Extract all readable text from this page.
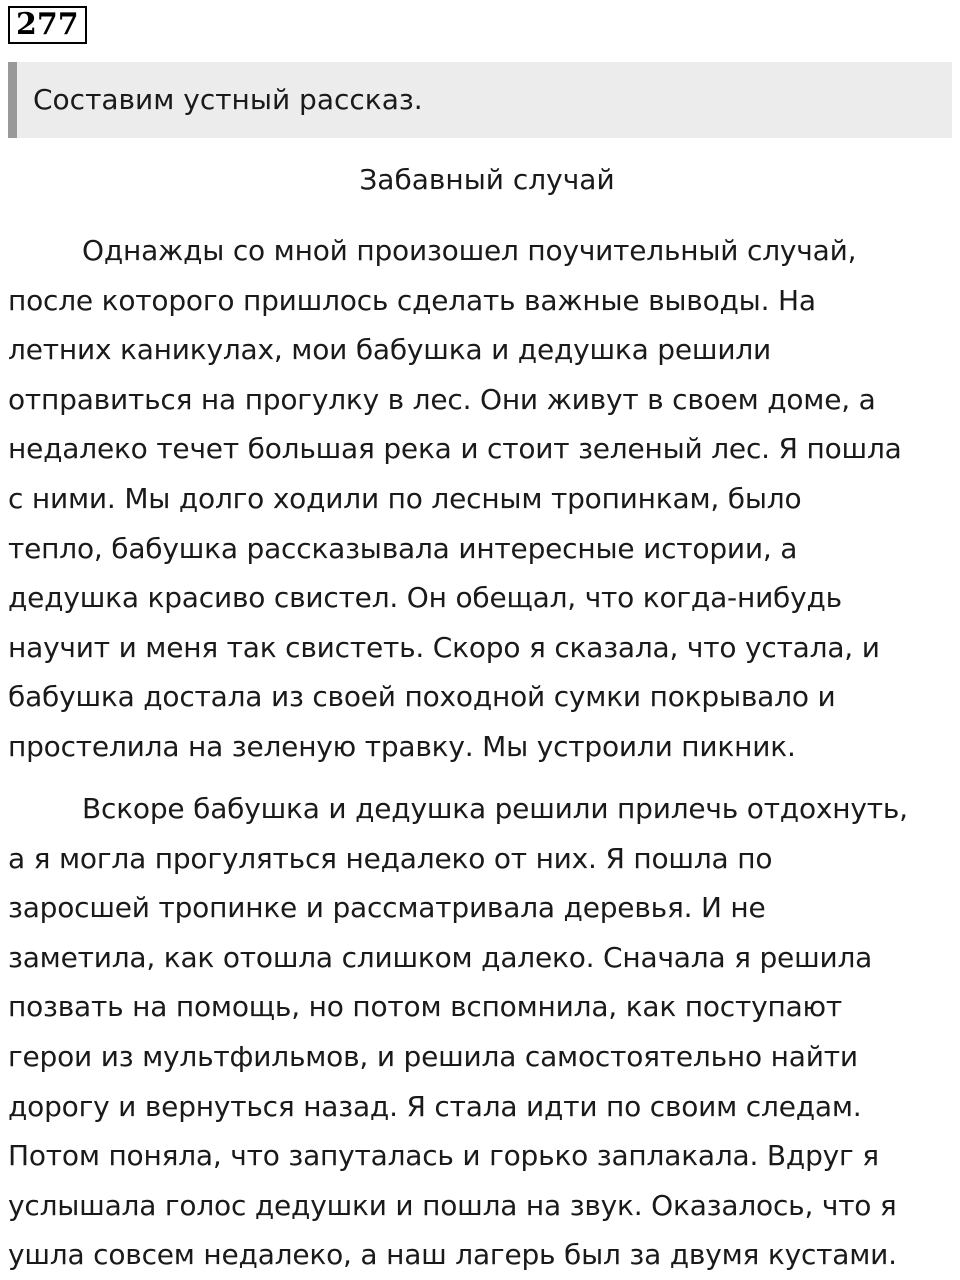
277
Составим устный рассказ.
Забавный случай
Однажды со мной произошел поучительный случай,
после которого пришлось сделать важные выводы. На
летних каникулах, мои бабушка и дедушка решили
отправиться на прогулку в лес. Они живут в своем доме, а
недалеко течет большая река и стоит зеленый лес. Я пошла
с ними. Мы долго ходили по лесным тропинкам, было
тепло, бабушка рассказывала интересные истории, а
дедушка красиво свистел. Он обещал, что когда-нибудь
научит и меня так свистеть. Скоро я сказала, что устала, и
бабушка достала из своей походной сумки покрывало и
простелила на зеленую травку. Мы устроили пикник.
Вскоре бабушка и дедушка решили прилечь отдохнуть,
а я могла прогуляться недалеко от них. Я пошла по
заросшей тропинке и рассматривала деревья. И не
заметила, как отошла слишком далеко. Сначала я решила
позвать на помощь, но потом вспомнила, как поступают
герои из мультфильмов, и решила самостоятельно найти
дорогу и вернуться назад. Я стала идти по своим следам.
Потом поняла, что запуталась и горько заплакала. Вдруг я
услышала голос дедушки и пошла на звук. Оказалось, что я
ушла совсем недалеко, а наш лагерь был за двумя кустами.
